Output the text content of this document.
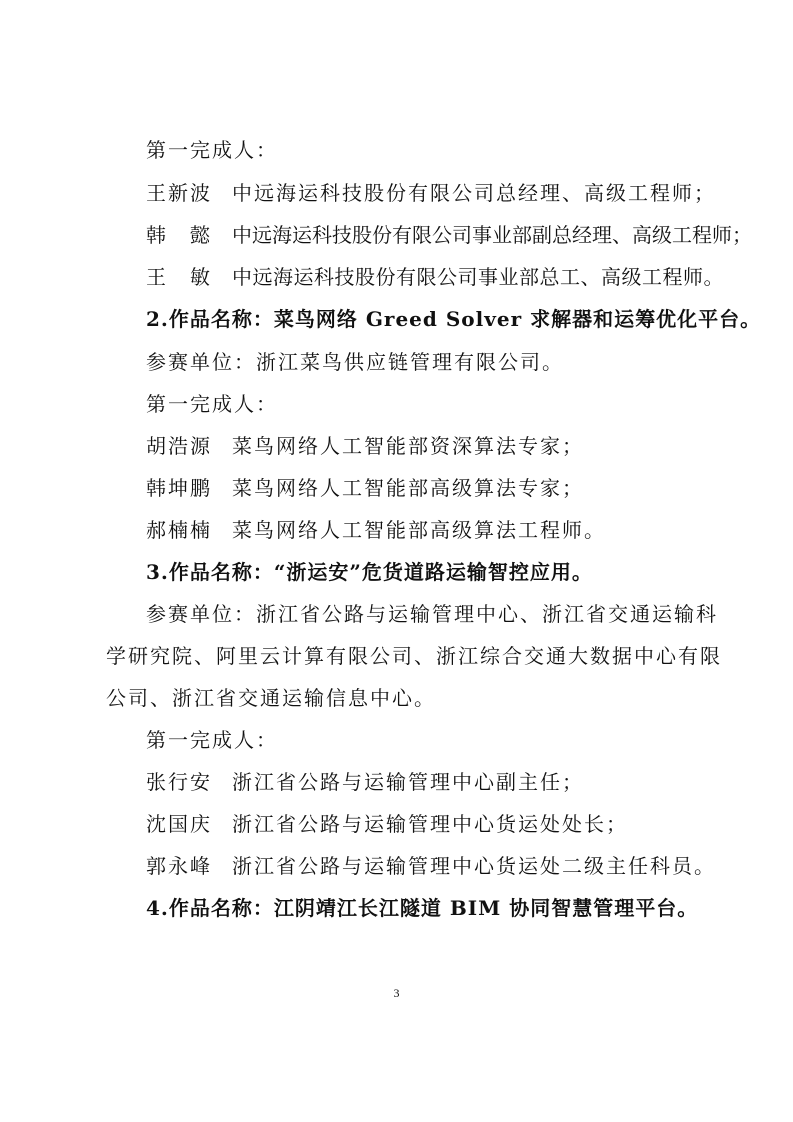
第一完成人：
王新波 中远海运科技股份有限公司总经理、高级工程师；
韩　懿 中远海运科技股份有限公司事业部副总经理、高级工程师；
王　敏 中远海运科技股份有限公司事业部总工、高级工程师。
2.作品名称：菜鸟网络 Greed Solver 求解器和运筹优化平台。
参赛单位：浙江菜鸟供应链管理有限公司。
第一完成人：
胡浩源 菜鸟网络人工智能部资深算法专家；
韩坤鹏 菜鸟网络人工智能部高级算法专家；
郝楠楠 菜鸟网络人工智能部高级算法工程师。
3.作品名称：“浙运安”危货道路运输智控应用。
参赛单位：浙江省公路与运输管理中心、浙江省交通运输科
学研究院、阿里云计算有限公司、浙江综合交通大数据中心有限
公司、浙江省交通运输信息中心。
第一完成人：
张行安 浙江省公路与运输管理中心副主任；
沈国庆 浙江省公路与运输管理中心货运处处长；
郭永峰 浙江省公路与运输管理中心货运处二级主任科员。
4.作品名称：江阴靖江长江隧道 BIM 协同智慧管理平台。
3
